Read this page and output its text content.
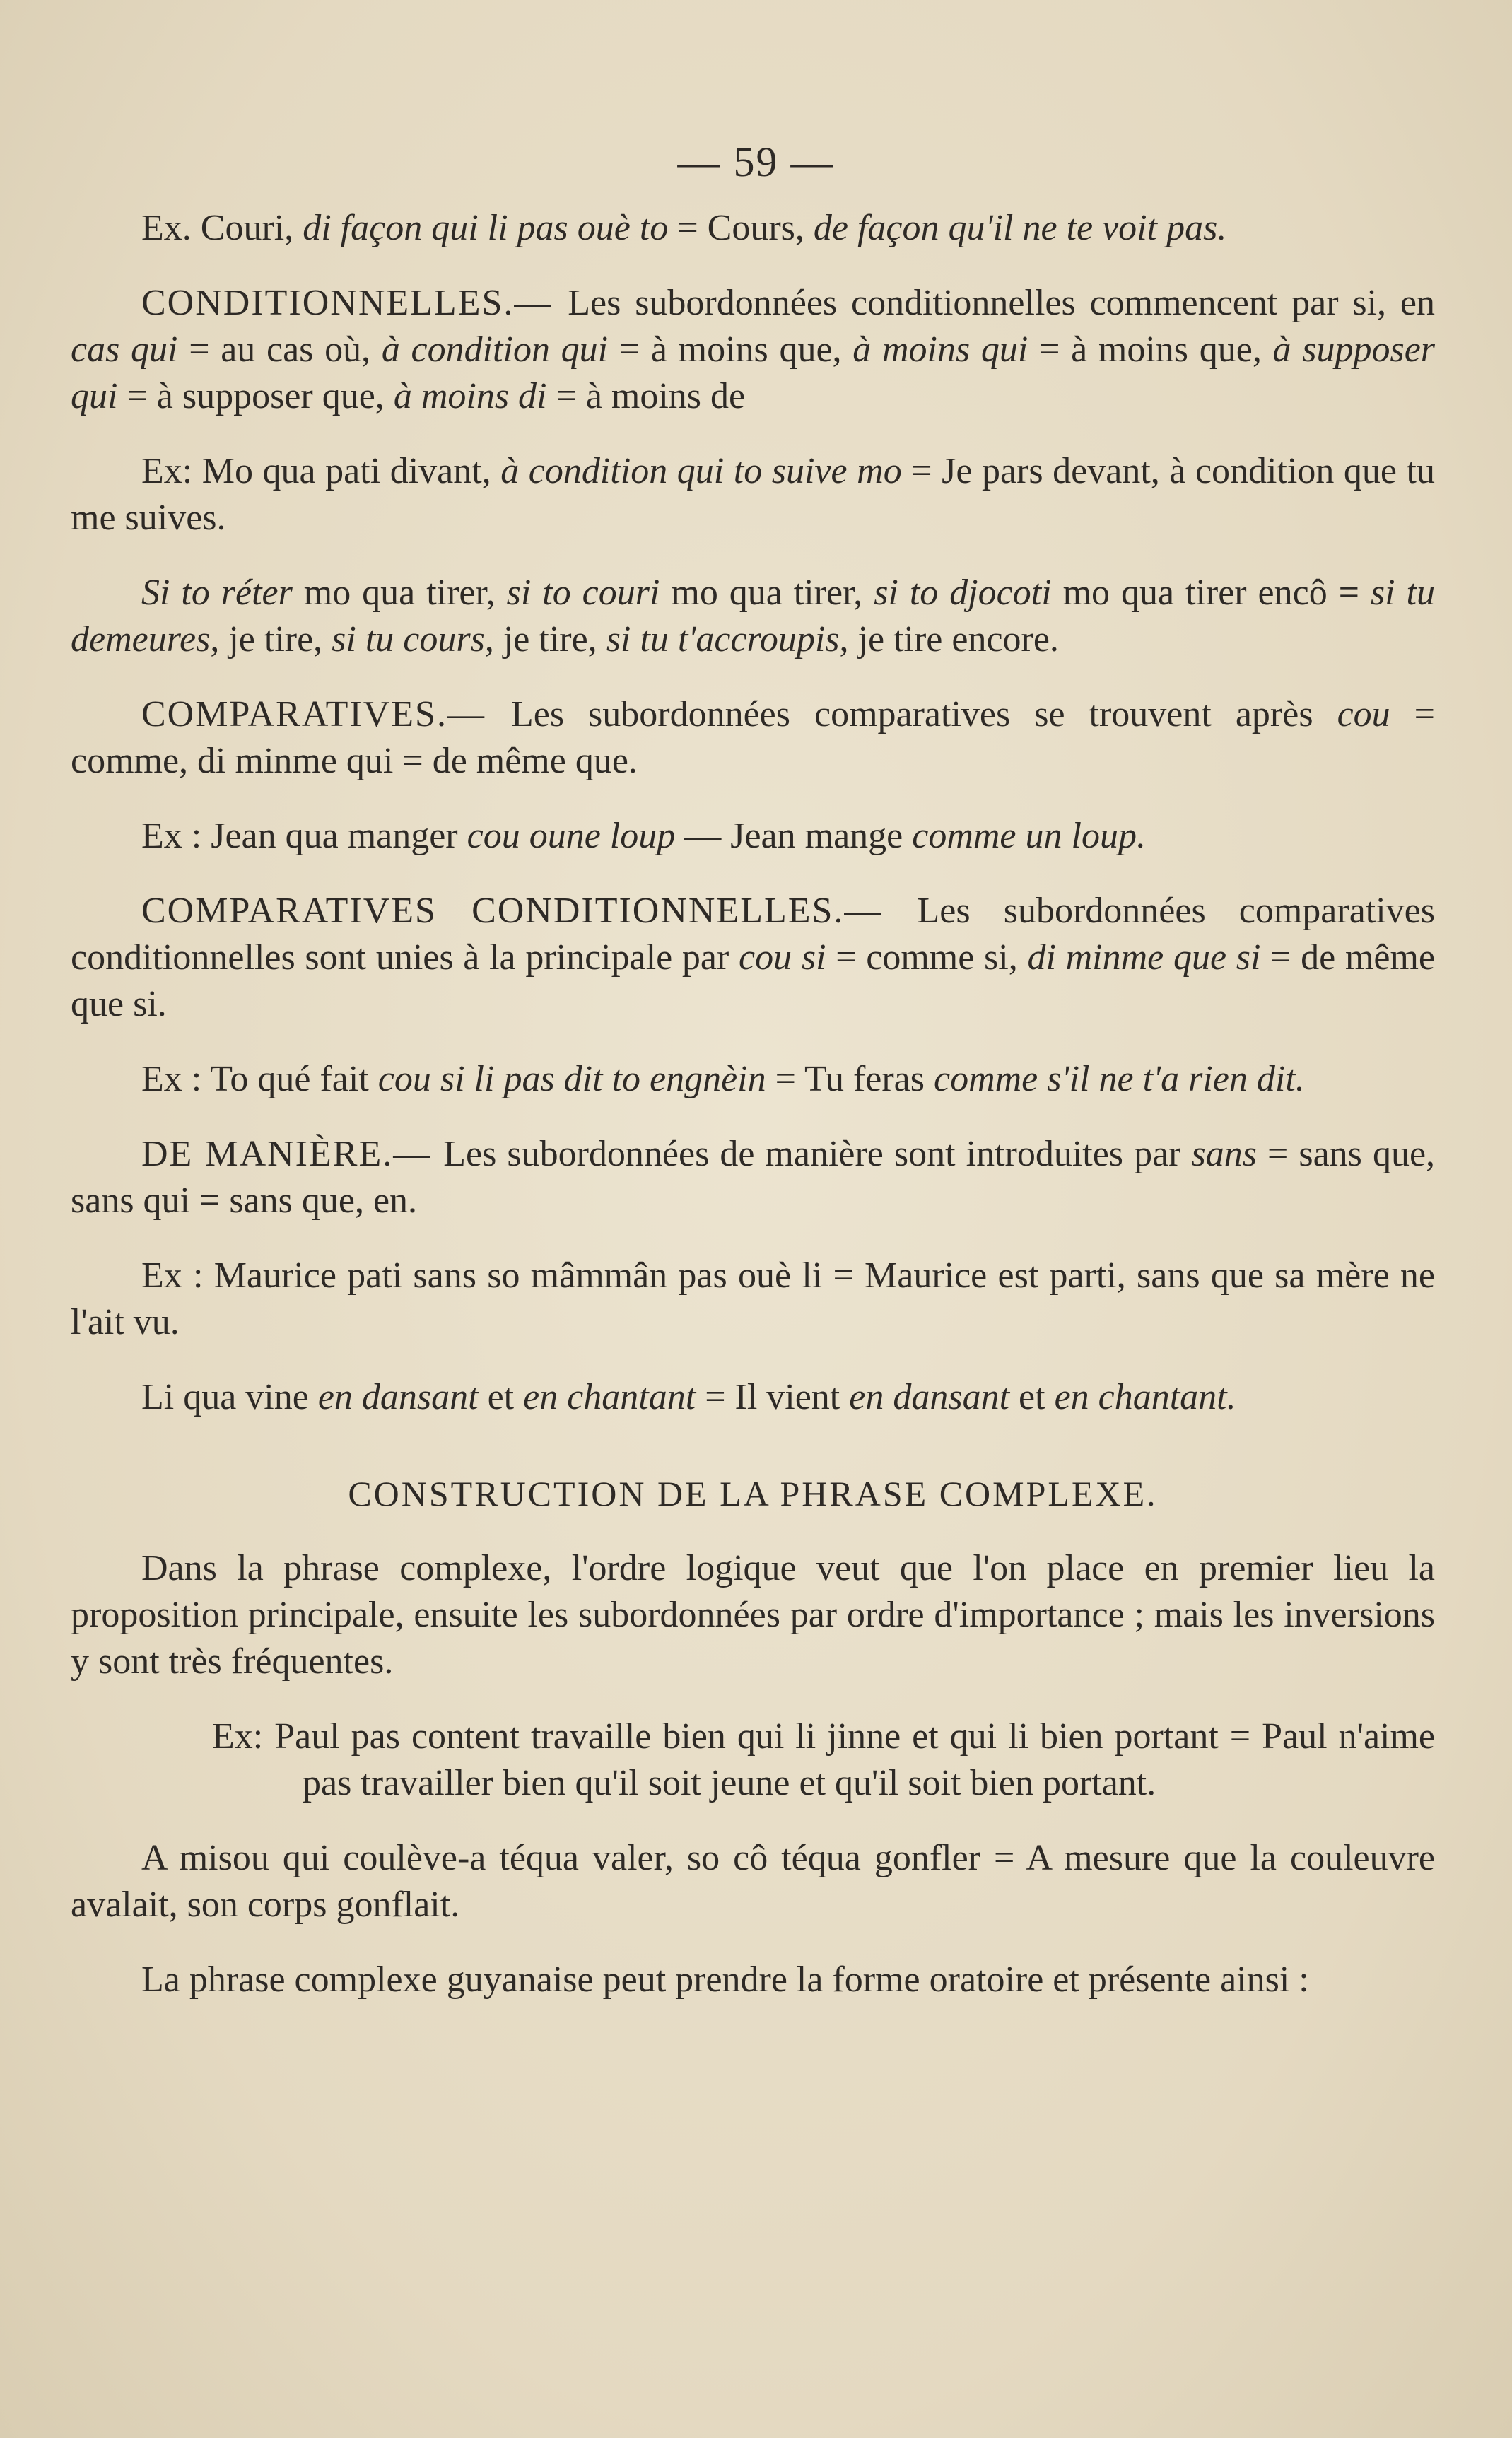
— 59 —

Ex. Couri, di façon qui li pas ouè to = Cours, de façon qu'il ne te voit pas.

CONDITIONNELLES.— Les subordonnées conditionnelles commencent par si, en cas qui = au cas où, à condition qui = à moins que, à moins qui = à moins que, à supposer qui = à supposer que, à moins di = à moins de

Ex: Mo qua pati divant, à condition qui to suive mo = Je pars devant, à condition que tu me suives.

Si to réter mo qua tirer, si to couri mo qua tirer, si to djocoti mo qua tirer encô = si tu demeures, je tire, si tu cours, je tire, si tu t'accroupis, je tire encore.

COMPARATIVES.— Les subordonnées comparatives se trouvent après cou = comme, di minme qui = de même que.

Ex : Jean qua manger cou oune loup — Jean mange comme un loup.

COMPARATIVES CONDITIONNELLES.— Les subordonnées comparatives conditionnelles sont unies à la principale par cou si = comme si, di minme que si = de même que si.

Ex : To qué fait cou si li pas dit to engnèin = Tu feras comme s'il ne t'a rien dit.

DE MANIÈRE.— Les subordonnées de manière sont introduites par sans = sans que, sans qui = sans que, en.

Ex : Maurice pati sans so mâmmân pas ouè li = Maurice est parti, sans que sa mère ne l'ait vu.

Li qua vine en dansant et en chantant = Il vient en dansant et en chantant.

CONSTRUCTION DE LA PHRASE COMPLEXE.

Dans la phrase complexe, l'ordre logique veut que l'on place en premier lieu la proposition principale, ensuite les subordonnées par ordre d'importance ; mais les inversions y sont très fréquentes.

Ex: Paul pas content travaille bien qui li jinne et qui li bien portant = Paul n'aime pas travailler bien qu'il soit jeune et qu'il soit bien portant.

A misou qui coulève-a téqua valer, so cô téqua gonfler = A mesure que la couleuvre avalait, son corps gonflait.

La phrase complexe guyanaise peut prendre la forme oratoire et présente ainsi :
